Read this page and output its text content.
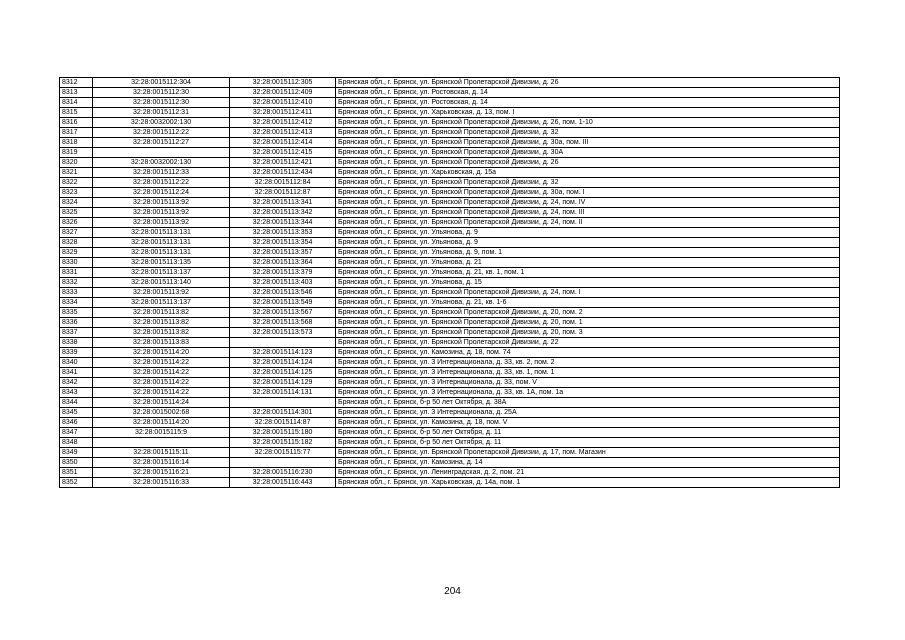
8312	32:28:0015112:304	32:28:0015112:305	Брянская обл., г. Брянск, ул. Брянской Пролетарской Дивизии, д. 26
8313	32:28:0015112:30	32:28:0015112:409	Брянская обл., г. Брянск, ул. Ростовская, д. 14
8314	32:28:0015112:30	32:28:0015112:410	Брянская обл., г. Брянск, ул. Ростовская, д. 14
8315	32:28:0015112:31	32:28:0015112:411	Брянская обл., г. Брянск, ул. Харьковская, д. 13, пом. I
8316	32:28:0032002:130	32:28:0015112:412	Брянская обл., г. Брянск, ул. Брянской Пролетарской Дивизии, д. 26, пом. 1-10
8317	32:28:0015112:22	32:28:0015112:413	Брянская обл., г. Брянск, ул. Брянской Пролетарской Дивизии, д. 32
8318	32:28:0015112:27	32:28:0015112:414	Брянская обл., г. Брянск, ул. Брянской Пролетарской Дивизии, д. 30а, пом. III
8319		32:28:0015112:415	Брянская обл., г. Брянск, ул. Брянской Пролетарской Дивизии, д. 30А
8320	32:28:0032002:130	32:28:0015112:421	Брянская обл., г. Брянск, ул. Брянской Пролетарской Дивизии, д. 26
8321	32:28:0015112:33	32:28:0015112:434	Брянская обл., г. Брянск, ул. Харьковская, д. 15а
8322	32:28:0015112:22	32:28:0015112:84	Брянская обл., г. Брянск, ул. Брянской Пролетарской Дивизии, д. 32
8323	32:28:0015112:24	32:28:0015112:87	Брянская обл., г. Брянск, ул. Брянской Пролетарской Дивизии, д. 30а, пом. I
8324	32:28:0015113:92	32:28:0015113:341	Брянская обл., г. Брянск, ул. Брянской Пролетарской Дивизии, д. 24, пом. IV
8325	32:28:0015113:92	32:28:0015113:342	Брянская обл., г. Брянск, ул. Брянской Пролетарской Дивизии, д. 24, пом. III
8326	32:28:0015113:92	32:28:0015113:344	Брянская обл., г. Брянск, ул. Брянской Пролетарской Дивизии, д. 24, пом. II
8327	32:28:0015113:131	32:28:0015113:353	Брянская обл., г. Брянск, ул. Ульянова, д. 9
8328	32:28:0015113:131	32:28:0015113:354	Брянская обл., г. Брянск, ул. Ульянова, д. 9
8329	32:28:0015113:131	32:28:0015113:357	Брянская обл., г. Брянск, ул. Ульянова, д. 9, пом. 1
8330	32:28:0015113:135	32:28:0015113:364	Брянская обл., г. Брянск, ул. Ульянова, д. 21
8331	32:28:0015113:137	32:28:0015113:379	Брянская обл., г. Брянск, ул. Ульянова, д. 21, кв. 1, пом. 1
8332	32:28:0015113:140	32:28:0015113:403	Брянская обл., г. Брянск, ул. Ульянова, д. 15
8333	32:28:0015113:92	32:28:0015113:546	Брянская обл., г. Брянск, ул. Брянской Пролетарской Дивизии, д. 24, пом. I
8334	32:28:0015113:137	32:28:0015113:549	Брянская обл., г. Брянск, ул. Ульянова, д. 21, кв. 1-6
8335	32:28:0015113:82	32:28:0015113:567	Брянская обл., г. Брянск, ул. Брянской Пролетарской Дивизии, д. 20, пом. 2
8336	32:28:0015113:82	32:28:0015113:568	Брянская обл., г. Брянск, ул. Брянской Пролетарской Дивизии, д. 20, пом. 1
8337	32:28:0015113:82	32:28:0015113:573	Брянская обл., г. Брянск, ул. Брянской Пролетарской Дивизии, д. 20, пом. 3
8338	32:28:0015113:83		Брянская обл., г. Брянск, ул. Брянской Пролетарской Дивизии, д. 22
8339	32:28:0015114:20	32:28:0015114:123	Брянская обл., г. Брянск, ул. Камозина, д. 18, пом. 74
8340	32:28:0015114:22	32:28:0015114:124	Брянская обл., г. Брянск, ул. 3 Интернационала, д. 33, кв. 2, пом. 2
8341	32:28:0015114:22	32:28:0015114:125	Брянская обл., г. Брянск, ул. 3 Интернационала, д. 33, кв. 1, пом. 1
8342	32:28:0015114:22	32:28:0015114:129	Брянская обл., г. Брянск, ул. 3 Интернационала, д. 33, пом. V
8343	32:28:0015114:22	32:28:0015114:131	Брянская обл., г. Брянск, ул. 3 Интернационала, д. 33, кв. 1А, пом. 1а
8344	32:28:0015114:24		Брянская обл., г. Брянск, б-р 50 лет Октября, д. 38А
8345	32:28:0015002:68	32:28:0015114:301	Брянская обл., г. Брянск, ул. 3 Интернационала, д. 25А
8346	32:28:0015114:20	32:28:0015114:87	Брянская обл., г. Брянск, ул. Камозина, д. 18, пом. V
8347	32:28:0015115:9	32:28:0015115:180	Брянская обл., г. Брянск, б-р 50 лет Октября, д. 11
8348		32:28:0015115:182	Брянская обл., г. Брянск, б-р 50 лет Октября, д. 11
8349	32:28:0015115:11	32:28:0015115:77	Брянская обл., г. Брянск, ул. Брянской Пролетарской Дивизии, д. 17, пом. Магазин
8350	32:28:0015116:14		Брянская обл., г. Брянск, ул. Камозина, д. 14
8351	32:28:0015116:21	32:28:0015116:230	Брянская обл., г. Брянск, ул. Ленинградская, д. 2, пом. 21
8352	32:28:0015116:33	32:28:0015116:443	Брянская обл., г. Брянск, ул. Харьковская, д. 14а, пом. 1
204
